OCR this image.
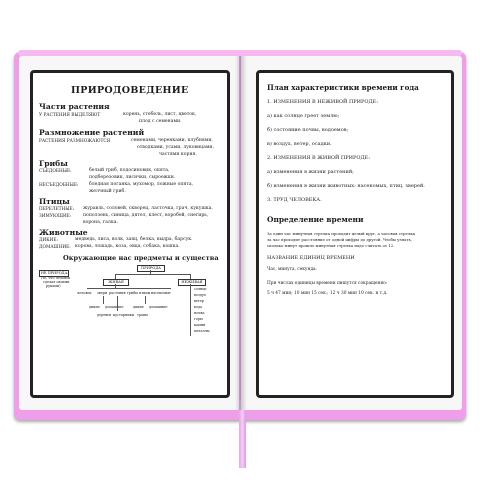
ПРИРОДОВЕДЕНИЕ
Части растения
У РАСТЕНИЯ ВЫДЕЛЯЮТ	корень, стебель, лист, цветок,
плод с семенами.
Размножение растений
РАСТЕНИЯ РАЗМНОЖАЮТСЯ	семенами, черенками, клубнями,
отводками, усами, луковицами,
частями корня.
Грибы
СЪЕДОБНЫЕ:	белый гриб, подосиновик, опята,
подберезовик, лисички, сыроежки.
НЕСЪЕДОБНЫЕ: бледная поганка, мухомор, ложные опята,
желчный гриб.
Птицы
ПЕРЕЛЕТНЫЕ: журавль, соловей, скворец, ласточка, грач, кукушка.
ЗИМУЮЩИЕ:	поползень, синица, дятел, клест, воробей, снегирь,
ворона, галка.
Животные
ДИКИЕ:	медведь, лиса, волк, заяц, белка, выдра, барсук.
ДОМАШНИЕ: корова, лошадь, коза, овца, собака, кошка.
Окружающие нас предметы и существа
НЕ ПРИРОДА
(то, что человек
сделал своими
руками)
ПРИРОДА
ЖИВАЯ	НЕЖИВАЯ
солнце
воздух
ветер
вода
почва
горы
камни
металлы
человек звери растения грибы птицы насекомые
дикие домашние	дикие домашние
деревья кустарники травы
План характеристики времени года
1. ИЗМЕНЕНИЯ В НЕЖИВОЙ ПРИРОДЕ:
а) как солнце греет землю;
б) состояние почвы, водоемов;
в) воздух, ветер, осадки.
2. ИЗМЕНЕНИЯ В ЖИВОЙ ПРИРОДЕ:
а) изменения в жизни растений;
б) изменения в жизни животных: насекомых, птиц, зверей.
3. ТРУД ЧЕЛОВЕКА.
Определение времени
За один час минутная стрелка проходит целый круг, а часовая стрелка
за час проходит расстояние от одной цифры до другой. Чтобы узнать,
сколько минут прошло минутная стрелка надо считать от 12.
НАЗВАНИЕ ЕДИНИЦ ВРЕМЕНИ
Час, минута, секунда.
При числах единицы времени пишутся сокращенно:
5 ч 47 мин; 10 мин 15 сек.; 12 ч 30 мин 10 сек. и т.д.
